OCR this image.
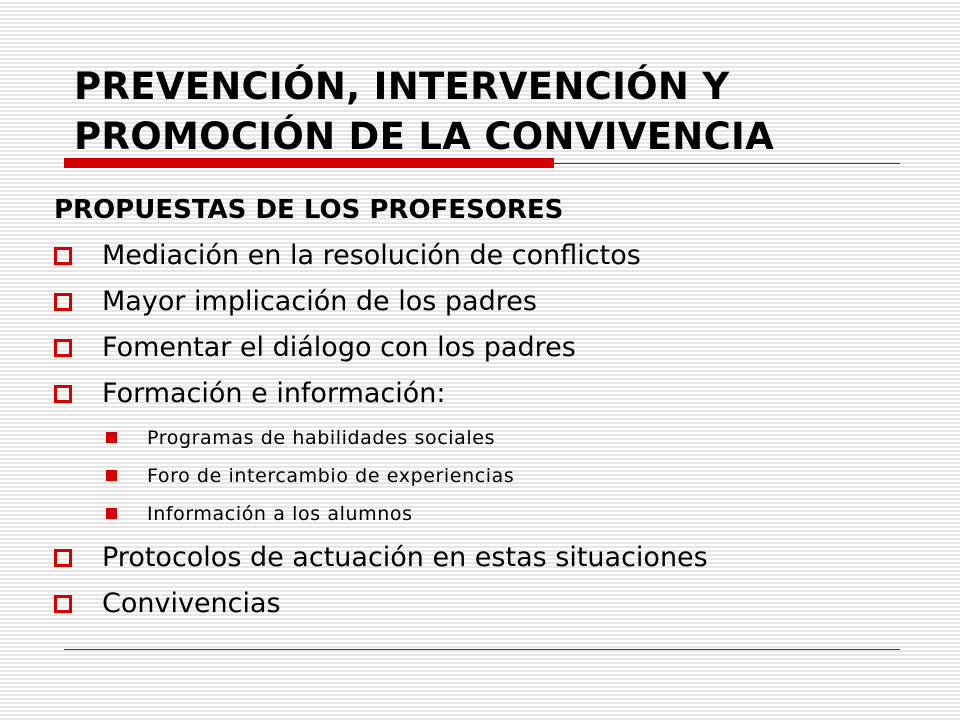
PREVENCIÓN, INTERVENCIÓN Y
PROMOCIÓN DE LA CONVIVENCIA
PROPUESTAS DE LOS PROFESORES
Mediación en la resolución de conflictos
Mayor implicación de los padres
Fomentar el diálogo con los padres
Formación e información:
Programas de habilidades sociales
Foro de intercambio de experiencias
Información a los alumnos
Protocolos de actuación en estas situaciones
Convivencias
